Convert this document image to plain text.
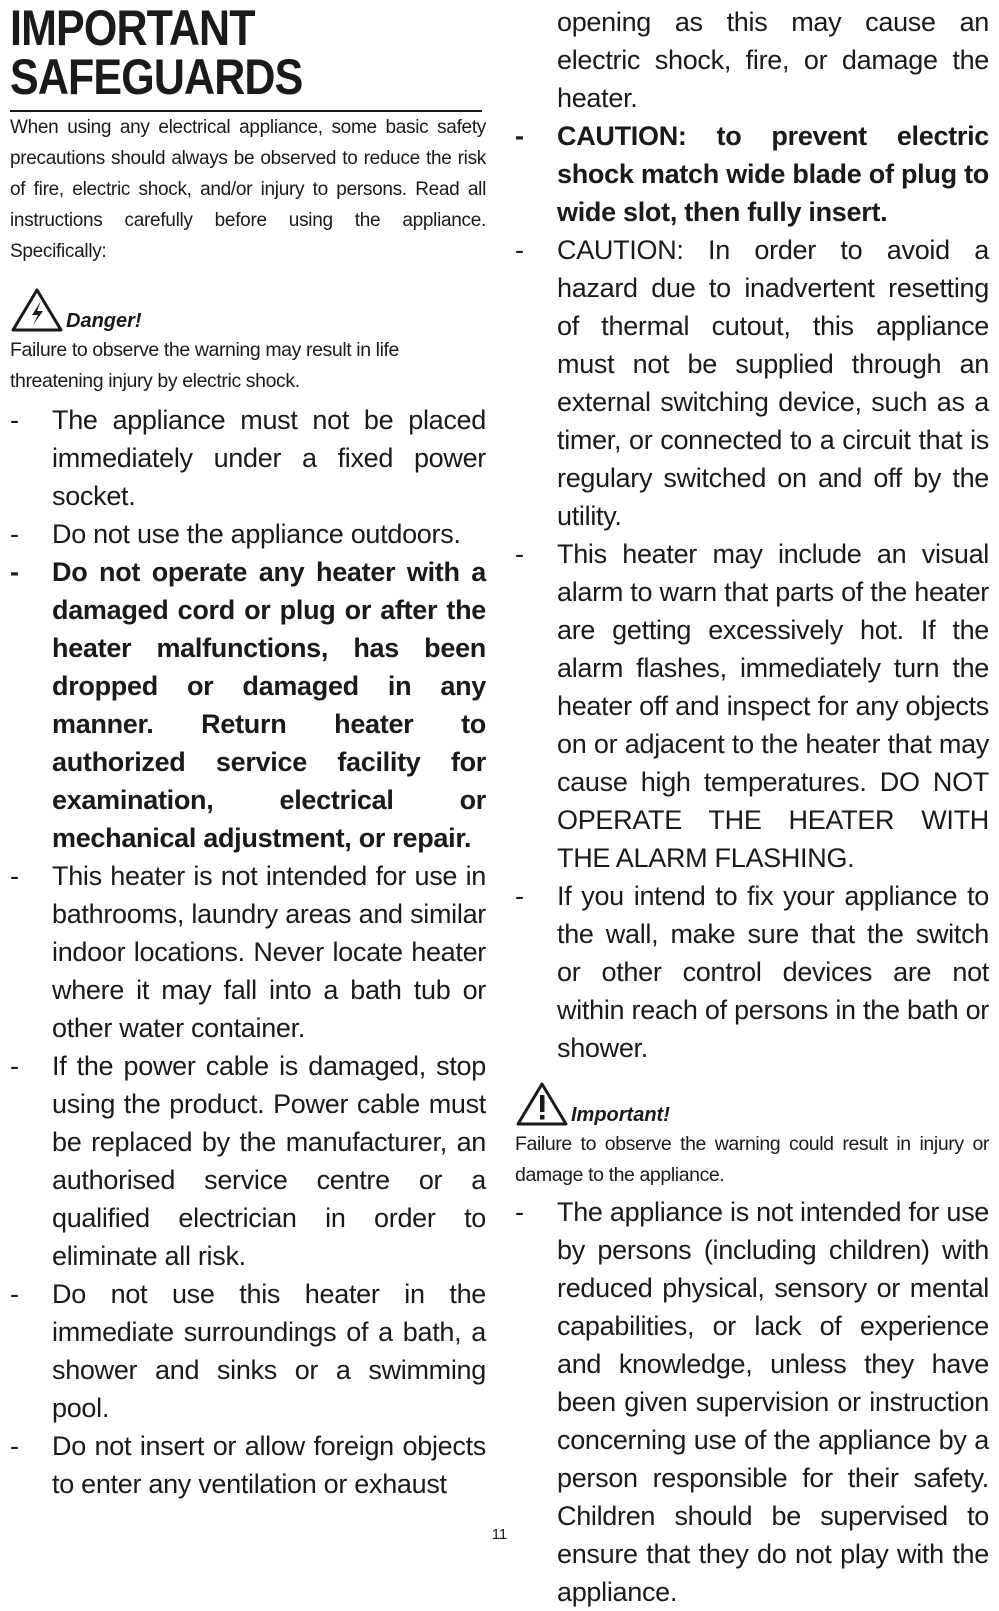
IMPORTANT
SAFEGUARDS

When using any electrical appliance, some basic safety precautions should always be observed to reduce the risk of fire, electric shock, and/or injury to persons. Read all instructions carefully before using the appliance. Specifically:

Danger!

Failure to observe the warning may result in life threatening injury by electric shock.

- The appliance must not be placed immediately under a fixed power socket.
- Do not use the appliance outdoors.
- Do not operate any heater with a damaged cord or plug or after the heater malfunctions, has been dropped or damaged in any manner. Return heater to authorized service facility for examination, electrical or mechanical adjustment, or repair.
- This heater is not intended for use in bathrooms, laundry areas and similar indoor locations. Never locate heater where it may fall into a bath tub or other water container.
- If the power cable is damaged, stop using the product. Power cable must be replaced by the manufacturer, an authorised service centre or a qualified electrician in order to eliminate all risk.
- Do not use this heater in the immediate surroundings of a bath, a shower and sinks or a swimming pool.
- Do not insert or allow foreign objects to enter any ventilation or exhaust
opening as this may cause an electric shock, fire, or damage the heater.
- CAUTION: to prevent electric shock match wide blade of plug to wide slot, then fully insert.
- CAUTION: In order to avoid a hazard due to inadvertent resetting of thermal cutout, this appliance must not be supplied through an external switching device, such as a timer, or connected to a circuit that is regulary switched on and off by the utility.
- This heater may include an visual alarm to warn that parts of the heater are getting excessively hot. If the alarm flashes, immediately turn the heater off and inspect for any objects on or adjacent to the heater that may cause high temperatures. DO NOT OPERATE THE HEATER WITH THE ALARM FLASHING.
- If you intend to fix your appliance to the wall, make sure that the switch or other control devices are not within reach of persons in the bath or shower.
Important!

Failure to observe the warning could result in injury or damage to the appliance.

- The appliance is not intended for use by persons (including children) with reduced physical, sensory or mental capabilities, or lack of experience and knowledge, unless they have been given supervision or instruction concerning use of the appliance by a person responsible for their safety. Children should be supervised to ensure that they do not play with the appliance.
11
